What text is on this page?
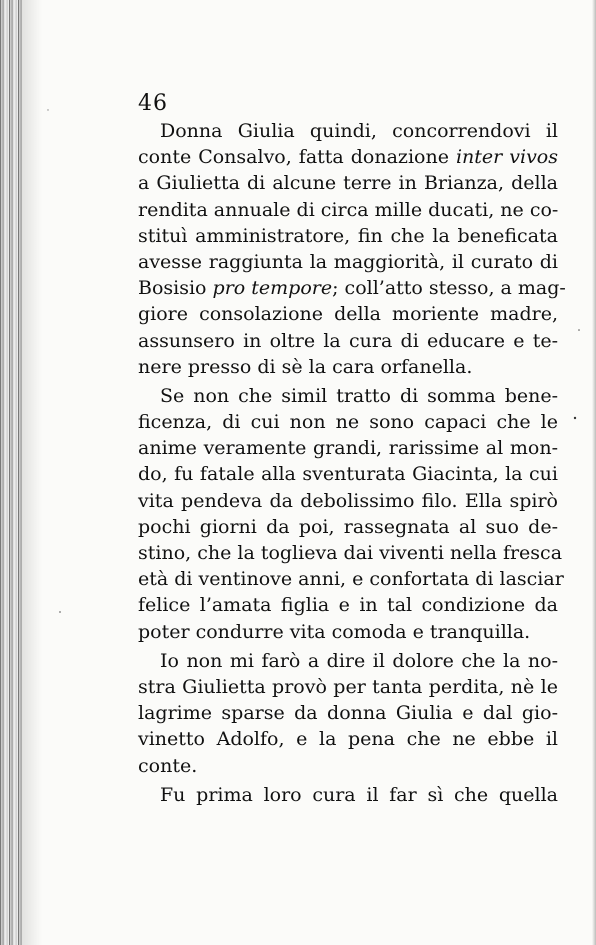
46
Donna Giulia quindi, concorrendovi il
conte Consalvo, fatta donazione inter vivos
a Giulietta di alcune terre in Brianza, della
rendita annuale di circa mille ducati, ne co-
stituì amministratore, fin che la beneficata
avesse raggiunta la maggiorità, il curato di
Bosisio pro tempore; coll’atto stesso, a mag-
giore consolazione della moriente madre,
assunsero in oltre la cura di educare e te-
nere presso di sè la cara orfanella.
Se non che simil tratto di somma bene-
ficenza, di cui non ne sono capaci che le
anime veramente grandi, rarissime al mon-
do, fu fatale alla sventurata Giacinta, la cui
vita pendeva da debolissimo filo. Ella spirò
pochi giorni da poi, rassegnata al suo de-
stino, che la toglieva dai viventi nella fresca
età di ventinove anni, e confortata di lasciar
felice l’amata figlia e in tal condizione da
poter condurre vita comoda e tranquilla.
Io non mi farò a dire il dolore che la no-
stra Giulietta provò per tanta perdita, nè le
lagrime sparse da donna Giulia e dal gio-
vinetto Adolfo, e la pena che ne ebbe il
conte.
Fu prima loro cura il far sì che quella
